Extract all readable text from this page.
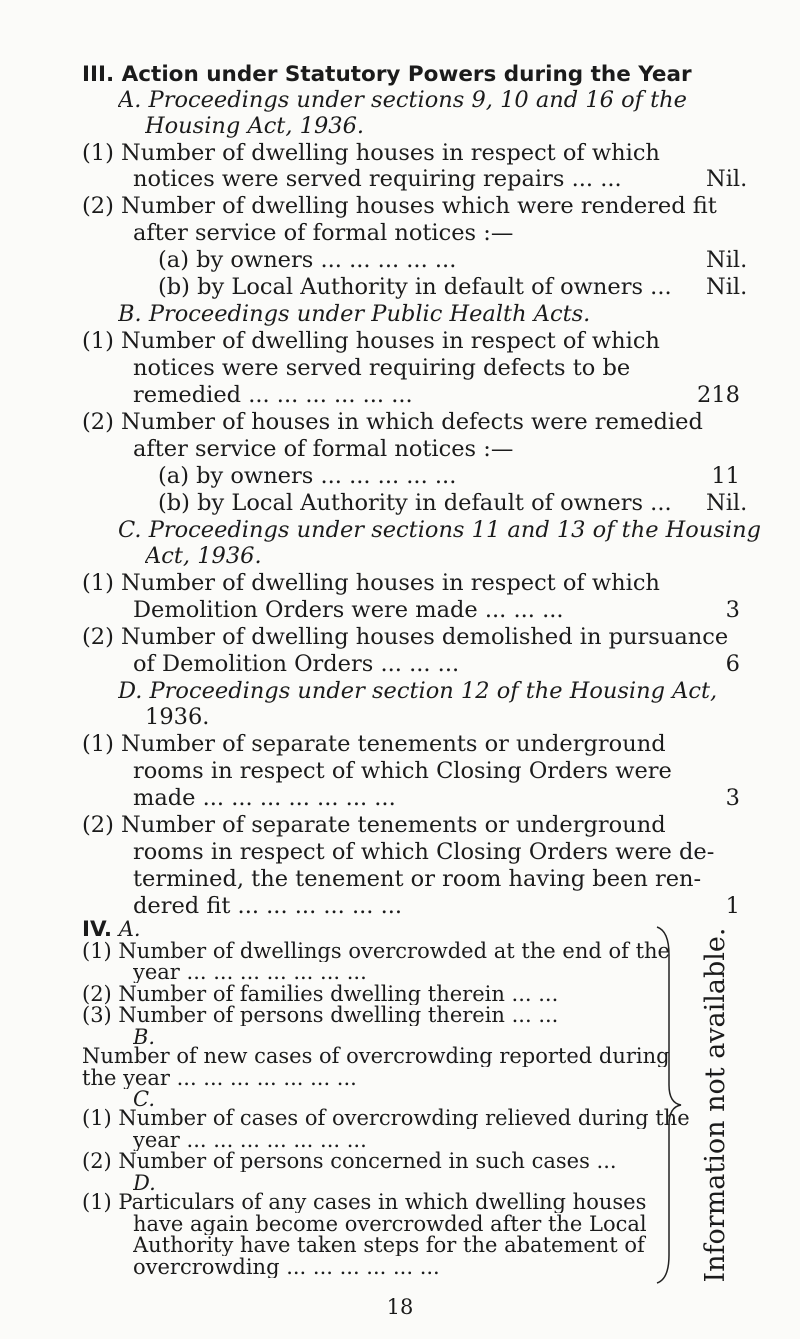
III. Action under Statutory Powers during the Year
A. Proceedings under sections 9, 10 and 16 of the
Housing Act, 1936.
(1) Number of dwelling houses in respect of which
notices were served requiring repairs ... ...	Nil.
(2) Number of dwelling houses which were rendered fit
after service of formal notices :—
(a) by owners ... ... ... ... ...	Nil.
(b) by Local Authority in default of owners ...	Nil.
B. Proceedings under Public Health Acts.
(1) Number of dwelling houses in respect of which
notices were served requiring defects to be
remedied ... ... ... ... ... ...	218
(2) Number of houses in which defects were remedied
after service of formal notices :—
(a) by owners ... ... ... ... ...	11
(b) by Local Authority in default of owners ...	Nil.
C. Proceedings under sections 11 and 13 of the Housing
Act, 1936.
(1) Number of dwelling houses in respect of which
Demolition Orders were made ... ... ...	3
(2) Number of dwelling houses demolished in pursuance
of Demolition Orders ... ... ...	6
D. Proceedings under section 12 of the Housing Act,
1936.
(1) Number of separate tenements or underground
rooms in respect of which Closing Orders were
made ... ... ... ... ... ... ...	3
(2) Number of separate tenements or underground
rooms in respect of which Closing Orders were de-
termined, the tenement or room having been ren-
dered fit ... ... ... ... ... ...	1
18
IV. A.
(1) Number of dwellings overcrowded at the end of the
year ... ... ... ... ... ... ...
(2) Number of families dwelling therein ... ...
(3) Number of persons dwelling therein ... ...
B.
Number of new cases of overcrowding reported during
the year ... ... ... ... ... ... ...
C.
(1) Number of cases of overcrowding relieved during the
year ... ... ... ... ... ... ...
(2) Number of persons concerned in such cases ...
D.
(1) Particulars of any cases in which dwelling houses
have again become overcrowded after the Local
Authority have taken steps for the abatement of
overcrowding ... ... ... ... ... ...	Information not available.
